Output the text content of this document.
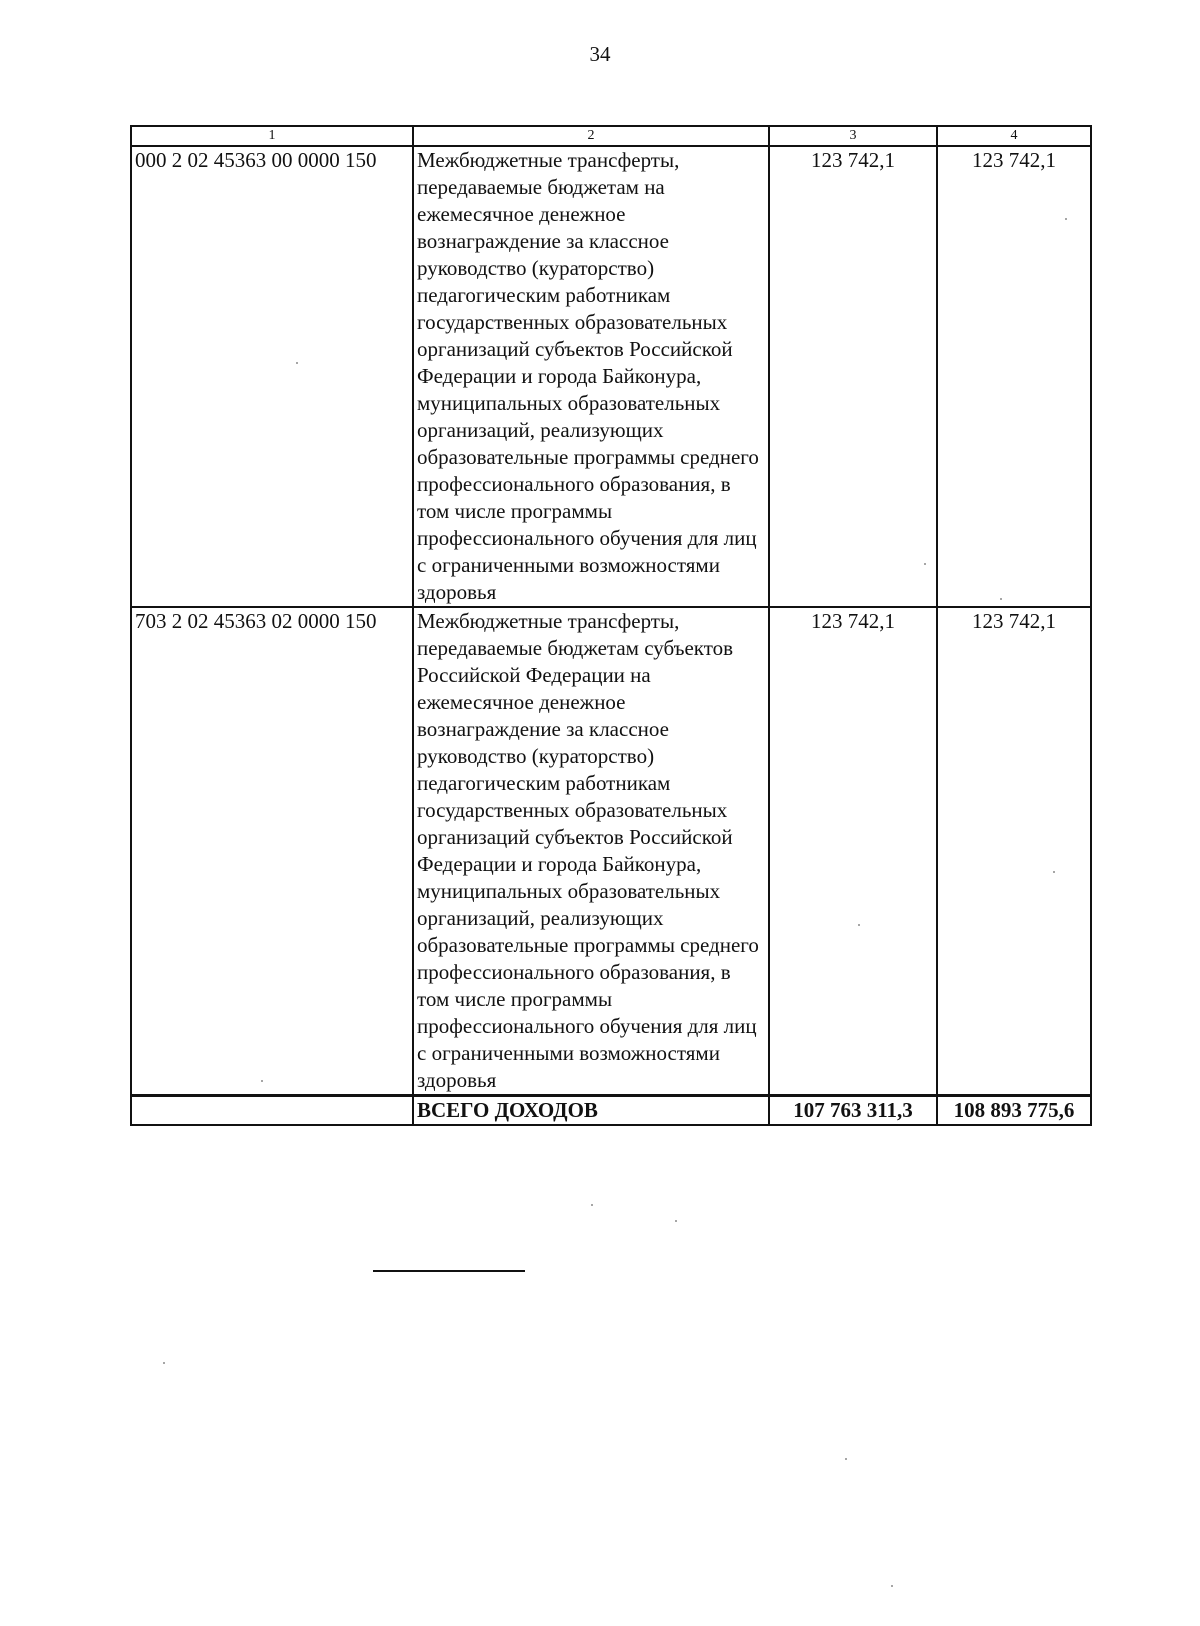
34
1	2	3	4
000 2 02 45363 00 0000 150	Межбюджетные трансферты, передаваемые бюджетам на ежемесячное денежное вознаграждение за классное руководство (кураторство) педагогическим работникам государственных образовательных организаций субъектов Российской Федерации и города Байконура, муниципальных образовательных организаций, реализующих образовательные программы среднего профессионального образования, в том числе программы профессионального обучения для лиц с ограниченными возможностями здоровья	123 742,1	123 742,1
703 2 02 45363 02 0000 150	Межбюджетные трансферты, передаваемые бюджетам субъектов Российской Федерации на ежемесячное денежное вознаграждение за классное руководство (кураторство) педагогическим работникам государственных образовательных организаций субъектов Российской Федерации и города Байконура, муниципальных образовательных организаций, реализующих образовательные программы среднего профессионального образования, в том числе программы профессионального обучения для лиц с ограниченными возможностями здоровья	123 742,1	123 742,1
	ВСЕГО ДОХОДОВ	107 763 311,3	108 893 775,6
